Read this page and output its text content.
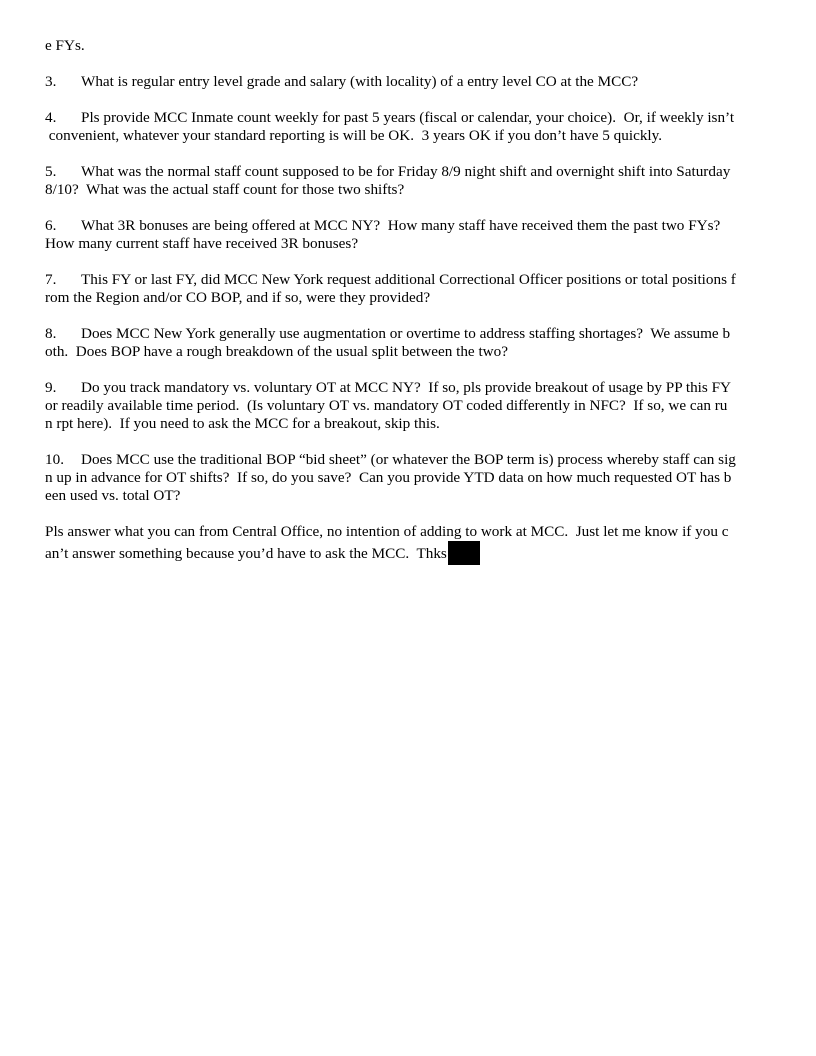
e FYs.
3. What is regular entry level grade and salary (with locality) of a entry level CO at the MCC?
4. Pls provide MCC Inmate count weekly for past 5 years (fiscal or calendar, your choice).  Or, if weekly isn’t
convenient, whatever your standard reporting is will be OK.  3 years OK if you don’t have 5 quickly.
5. What was the normal staff count supposed to be for Friday 8/9 night shift and overnight shift into Saturday
8/10?  What was the actual staff count for those two shifts?
6. What 3R bonuses are being offered at MCC NY?  How many staff have received them the past two FYs?
How many current staff have received 3R bonuses?
7. This FY or last FY, did MCC New York request additional Correctional Officer positions or total positions f
rom the Region and/or CO BOP, and if so, were they provided?
8. Does MCC New York generally use augmentation or overtime to address staffing shortages?  We assume b
oth.  Does BOP have a rough breakdown of the usual split between the two?
9. Do you track mandatory vs. voluntary OT at MCC NY?  If so, pls provide breakout of usage by PP this FY
or readily available time period.  (Is voluntary OT vs. mandatory OT coded differently in NFC?  If so, we can ru
n rpt here).  If you need to ask the MCC for a breakout, skip this.
10. Does MCC use the traditional BOP “bid sheet” (or whatever the BOP term is) process whereby staff can sig
n up in advance for OT shifts?  If so, do you save?  Can you provide YTD data on how much requested OT has b
een used vs. total OT?
Pls answer what you can from Central Office, no intention of adding to work at MCC.  Just let me know if you c
an’t answer something because you’d have to ask the MCC.  Thks
